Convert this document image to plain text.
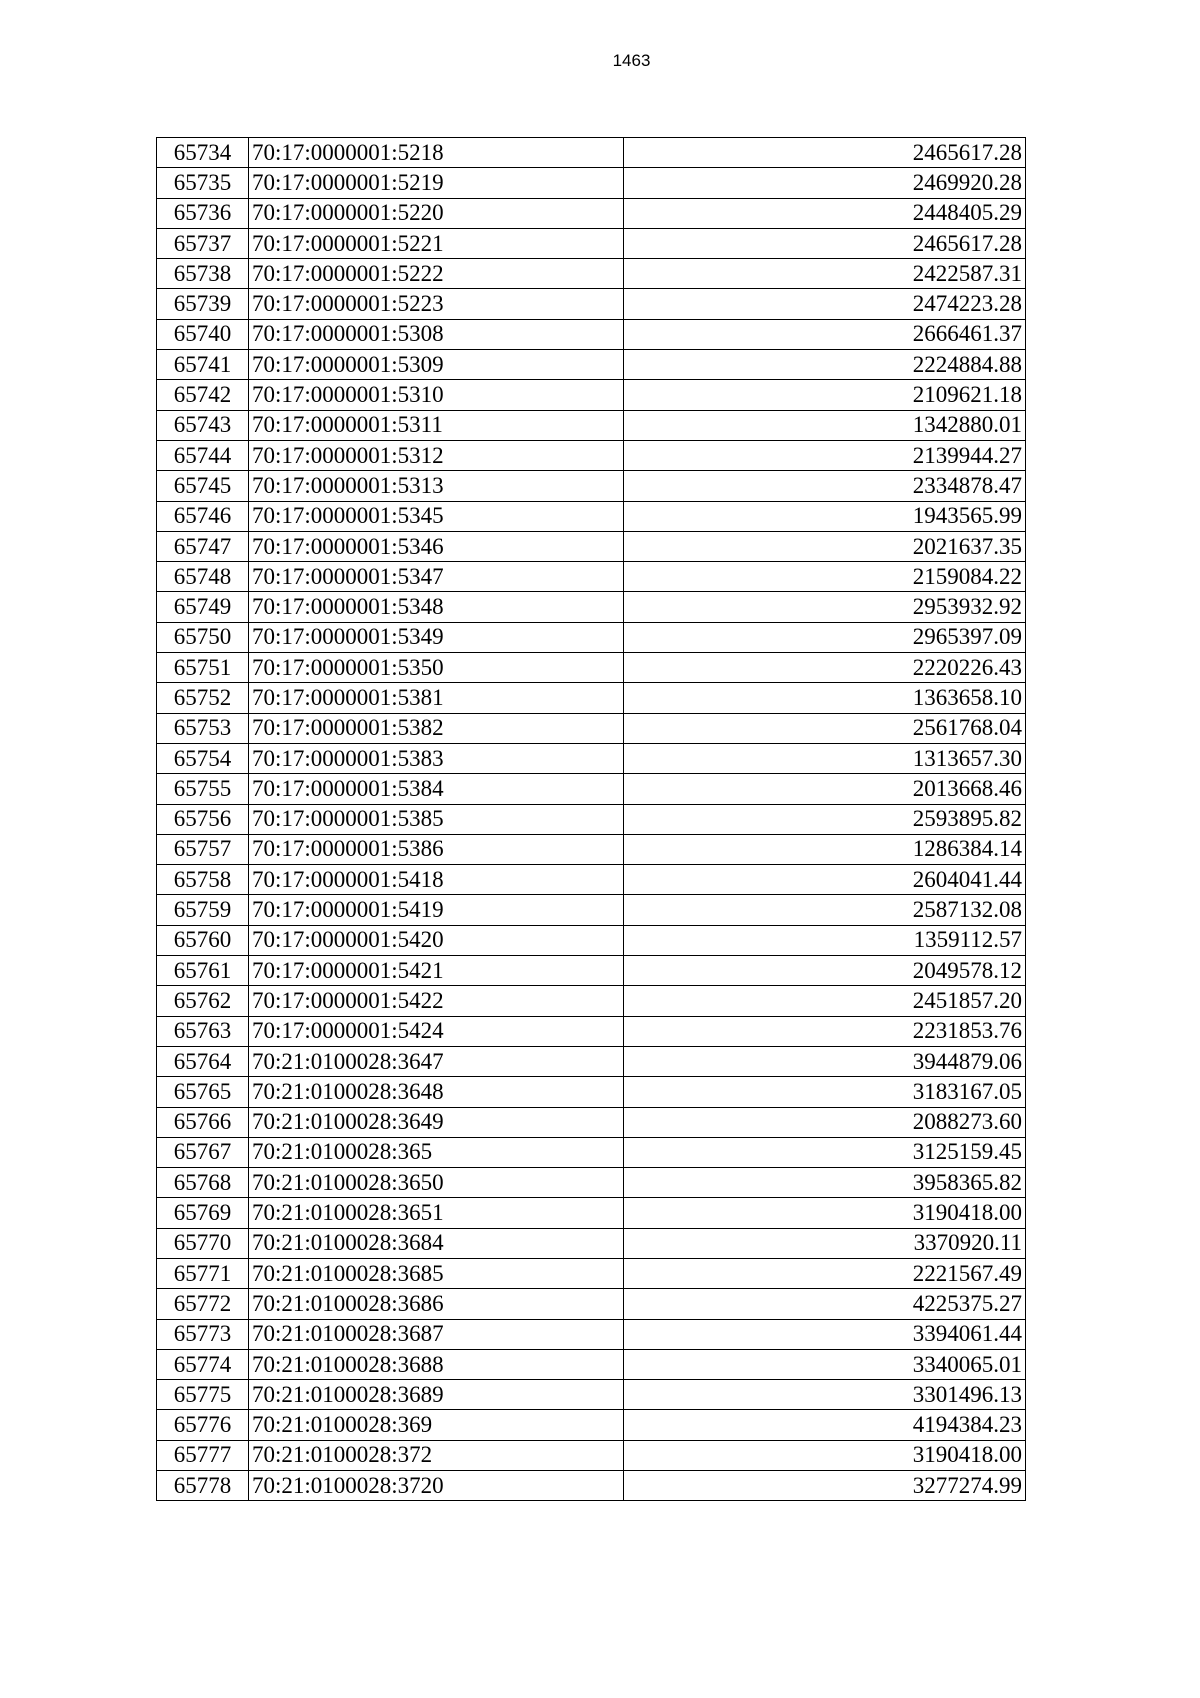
1463
65734	70:17:0000001:5218	2465617.28
65735	70:17:0000001:5219	2469920.28
65736	70:17:0000001:5220	2448405.29
65737	70:17:0000001:5221	2465617.28
65738	70:17:0000001:5222	2422587.31
65739	70:17:0000001:5223	2474223.28
65740	70:17:0000001:5308	2666461.37
65741	70:17:0000001:5309	2224884.88
65742	70:17:0000001:5310	2109621.18
65743	70:17:0000001:5311	1342880.01
65744	70:17:0000001:5312	2139944.27
65745	70:17:0000001:5313	2334878.47
65746	70:17:0000001:5345	1943565.99
65747	70:17:0000001:5346	2021637.35
65748	70:17:0000001:5347	2159084.22
65749	70:17:0000001:5348	2953932.92
65750	70:17:0000001:5349	2965397.09
65751	70:17:0000001:5350	2220226.43
65752	70:17:0000001:5381	1363658.10
65753	70:17:0000001:5382	2561768.04
65754	70:17:0000001:5383	1313657.30
65755	70:17:0000001:5384	2013668.46
65756	70:17:0000001:5385	2593895.82
65757	70:17:0000001:5386	1286384.14
65758	70:17:0000001:5418	2604041.44
65759	70:17:0000001:5419	2587132.08
65760	70:17:0000001:5420	1359112.57
65761	70:17:0000001:5421	2049578.12
65762	70:17:0000001:5422	2451857.20
65763	70:17:0000001:5424	2231853.76
65764	70:21:0100028:3647	3944879.06
65765	70:21:0100028:3648	3183167.05
65766	70:21:0100028:3649	2088273.60
65767	70:21:0100028:365	3125159.45
65768	70:21:0100028:3650	3958365.82
65769	70:21:0100028:3651	3190418.00
65770	70:21:0100028:3684	3370920.11
65771	70:21:0100028:3685	2221567.49
65772	70:21:0100028:3686	4225375.27
65773	70:21:0100028:3687	3394061.44
65774	70:21:0100028:3688	3340065.01
65775	70:21:0100028:3689	3301496.13
65776	70:21:0100028:369	4194384.23
65777	70:21:0100028:372	3190418.00
65778	70:21:0100028:3720	3277274.99
